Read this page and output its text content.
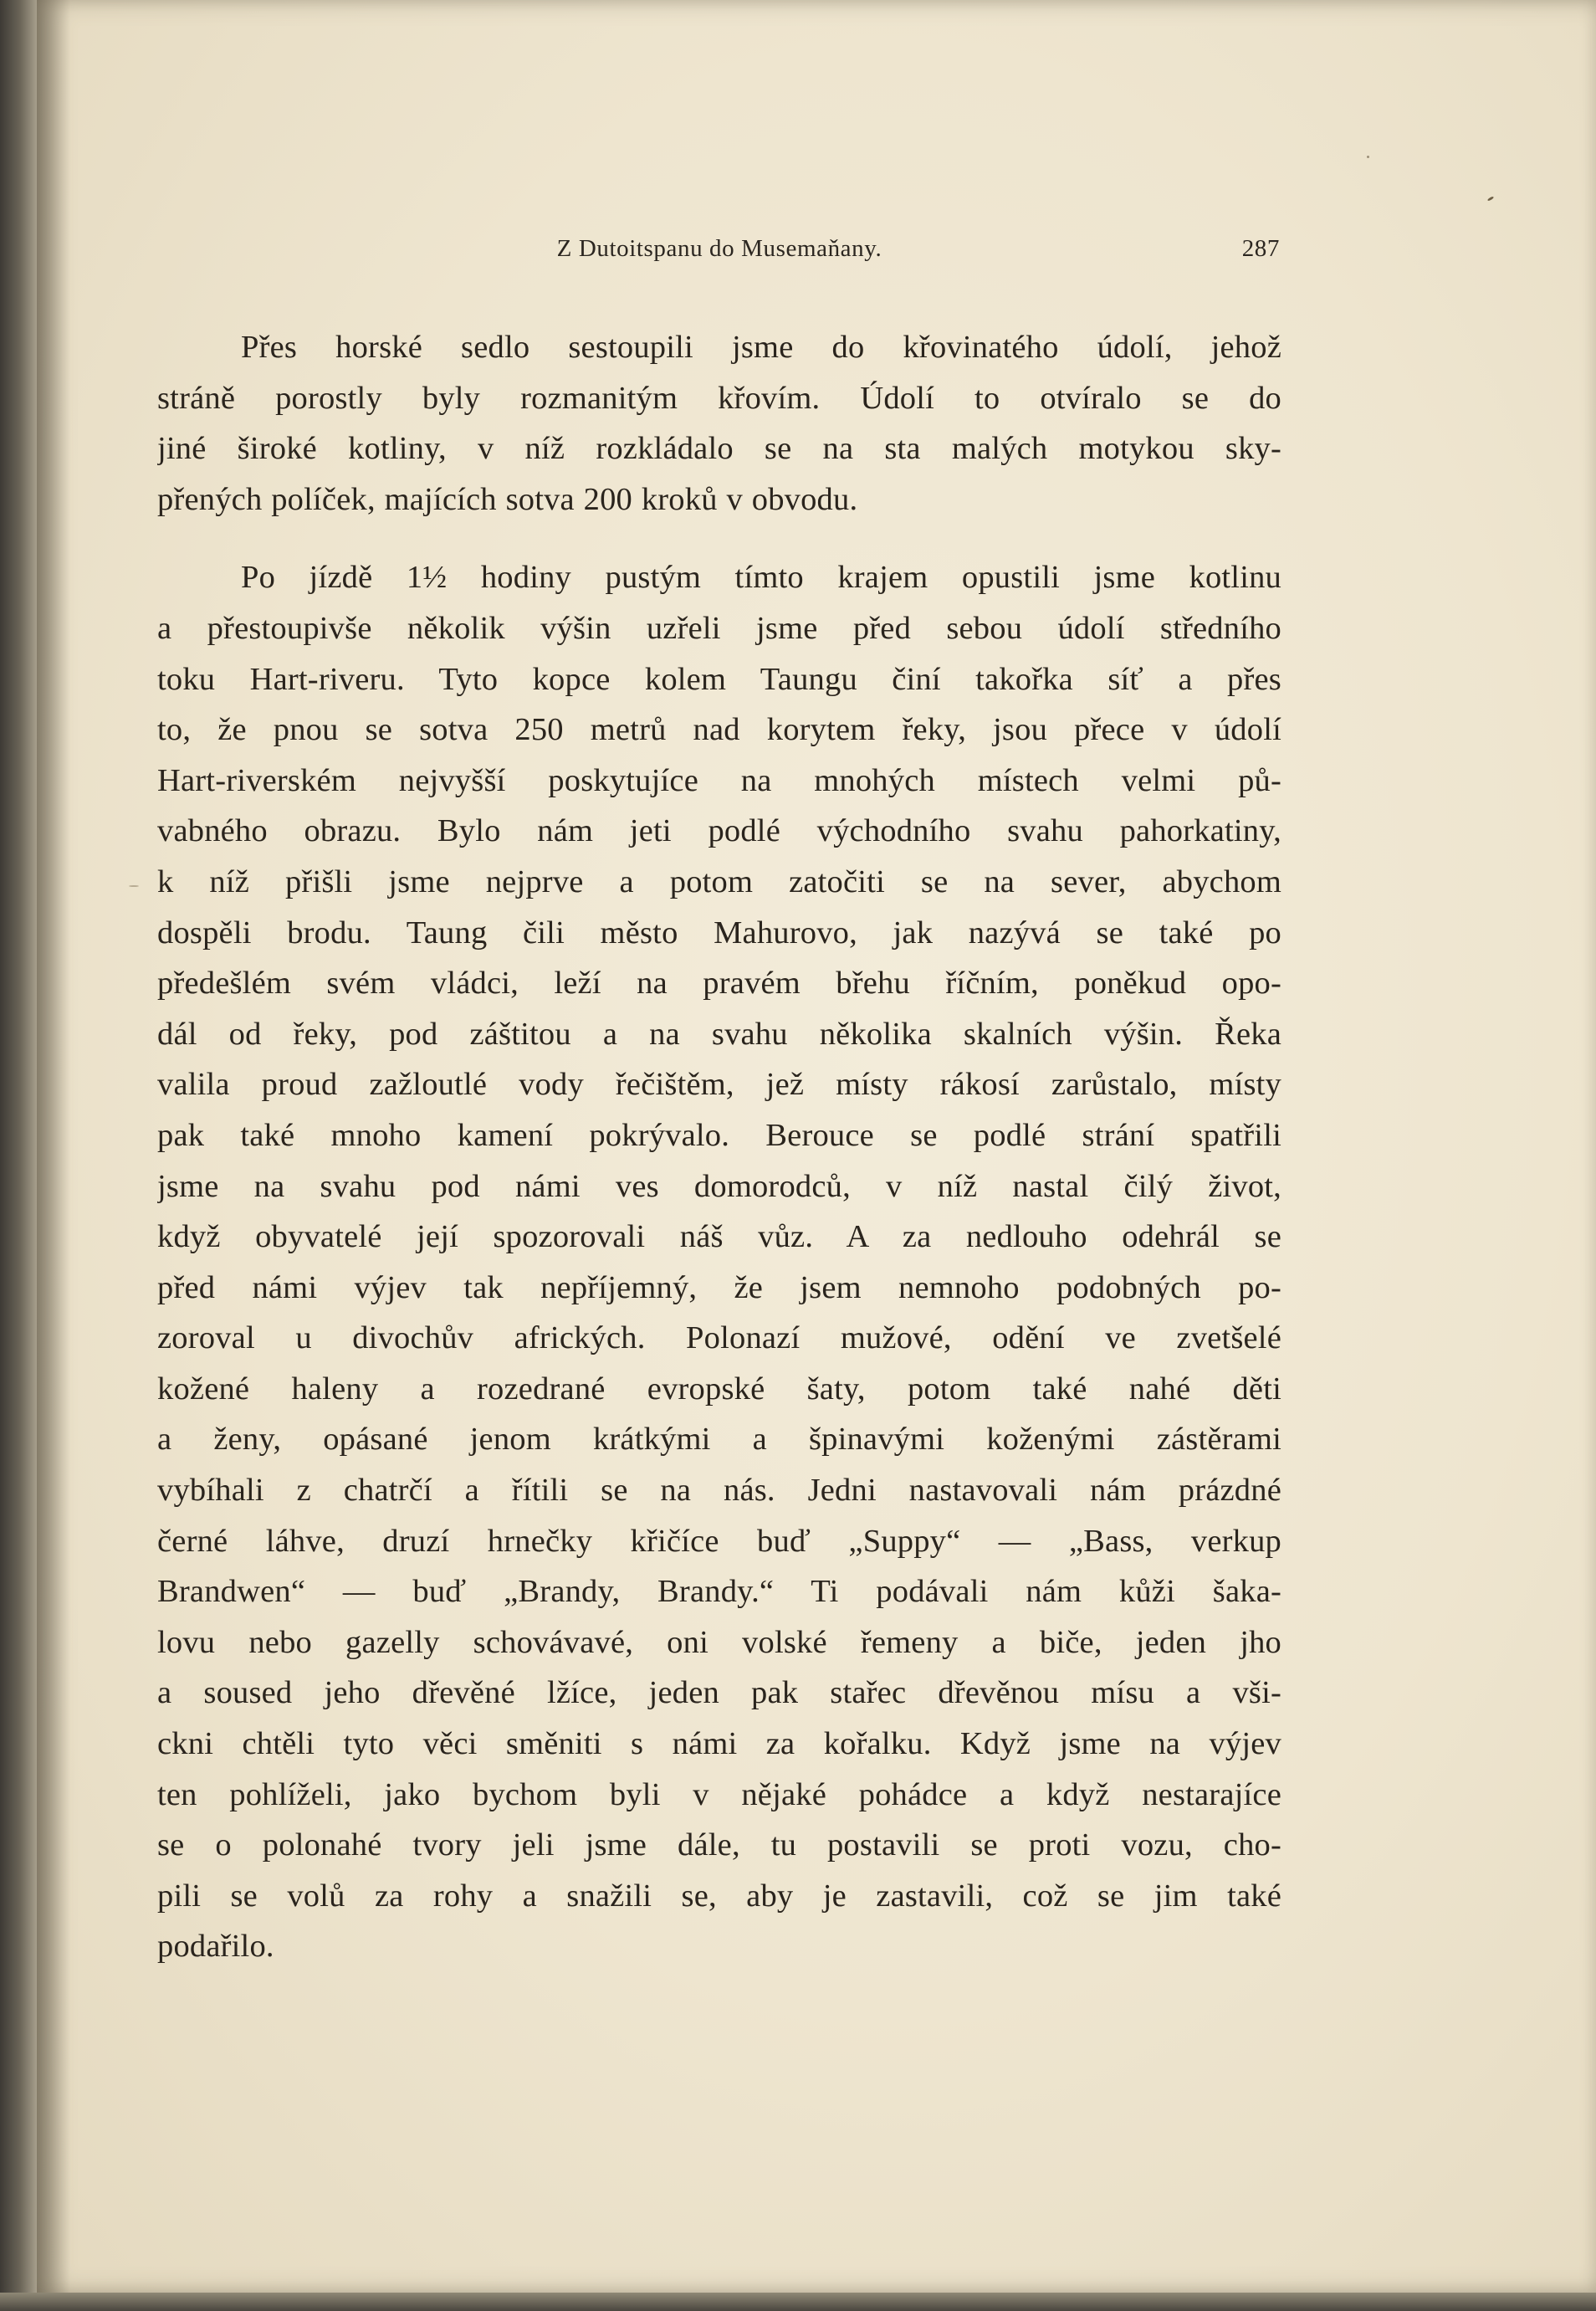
Z Dutoitspanu do Musemaňany.	287
Přes horské sedlo sestoupili jsme do křovinatého údolí, jehož
stráně porostly byly rozmanitým křovím. Údolí to otvíralo se do
jiné široké kotliny, v níž rozkládalo se na sta malých motykou sky-
přených políček, majících sotva 200 kroků v obvodu.
Po jízdě 1½ hodiny pustým tímto krajem opustili jsme kotlinu
a přestoupivše několik výšin uzřeli jsme před sebou údolí středního
toku Hart-riveru. Tyto kopce kolem Taungu činí takořka síť a přes
to, že pnou se sotva 250 metrů nad korytem řeky, jsou přece v údolí
Hart-riverském nejvyšší poskytujíce na mnohých místech velmi pů-
vabného obrazu. Bylo nám jeti podlé východního svahu pahorkatiny,
k níž přišli jsme nejprve a potom zatočiti se na sever, abychom
dospěli brodu. Taung čili město Mahurovo, jak nazývá se také po
předešlém svém vládci, leží na pravém břehu říčním, poněkud opo-
dál od řeky, pod záštitou a na svahu několika skalních výšin. Řeka
valila proud zažloutlé vody řečištěm, jež místy rákosí zarůstalo, místy
pak také mnoho kamení pokrývalo. Berouce se podlé strání spatřili
jsme na svahu pod námi ves domorodců, v níž nastal čilý život,
když obyvatelé její spozorovali náš vůz. A za nedlouho odehrál se
před námi výjev tak nepříjemný, že jsem nemnoho podobných po-
zoroval u divochův afrických. Polonazí mužové, odění ve zvetšelé
kožené haleny a rozedrané evropské šaty, potom také nahé děti
a ženy, opásané jenom krátkými a špinavými koženými zástěrami
vybíhali z chatrčí a řítili se na nás. Jedni nastavovali nám prázdné
černé láhve, druzí hrnečky křičíce buď „Suppy“ — „Bass, verkup
Brandwen“ — buď „Brandy, Brandy.“ Ti podávali nám kůži šaka-
lovu nebo gazelly schovávavé, oni volské řemeny a biče, jeden jho
a soused jeho dřevěné lžíce, jeden pak stařec dřevěnou mísu a vši-
ckni chtěli tyto věci směniti s námi za kořalku. Když jsme na výjev
ten pohlíželi, jako bychom byli v nějaké pohádce a když nestarajíce
se o polonahé tvory jeli jsme dále, tu postavili se proti vozu, cho-
pili se volů za rohy a snažili se, aby je zastavili, což se jim také
podařilo.
